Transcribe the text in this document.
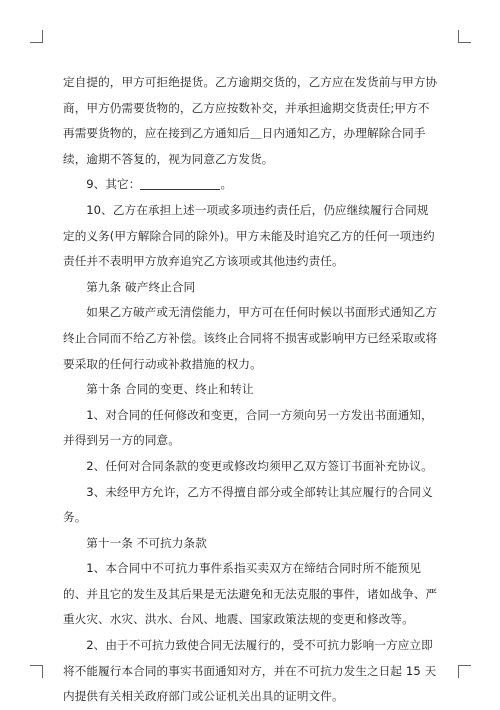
定自提的，甲方可拒绝提货。乙方逾期交货的，乙方应在发货前与甲方协商，甲方仍需要货物的，乙方应按数补交，并承担逾期交货责任;甲方不再需要货物的，应在接到乙方通知后＿日内通知乙方，办理解除合同手续，逾期不答复的，视为同意乙方发货。

9、其它：	。

10、乙方在承担上述一项或多项违约责任后，仍应继续履行合同规定的义务(甲方解除合同的除外)。甲方未能及时追究乙方的任何一项违约责任并不表明甲方放弃追究乙方该项或其他违约责任。

第九条 破产终止合同

如果乙方破产或无清偿能力，甲方可在任何时候以书面形式通知乙方终止合同而不给乙方补偿。该终止合同将不损害或影响甲方已经采取或将要采取的任何行动或补救措施的权力。

第十条 合同的变更、终止和转让

1、对合同的任何修改和变更，合同一方须向另一方发出书面通知，并得到另一方的同意。

2、任何对合同条款的变更或修改均须甲乙双方签订书面补充协议。

3、未经甲方允许，乙方不得擅自部分或全部转让其应履行的合同义务。

第十一条 不可抗力条款

1、本合同中不可抗力事件系指买卖双方在缔结合同时所不能预见的、并且它的发生及其后果是无法避免和无法克服的事件，诸如战争、严重火灾、水灾、洪水、台风、地震、国家政策法规的变更和修改等。

2、由于不可抗力致使合同无法履行的，受不可抗力影响一方应立即将不能履行本合同的事实书面通知对方，并在不可抗力发生之日起 15 天内提供有关相关政府部门或公证机关出具的证明文件。
